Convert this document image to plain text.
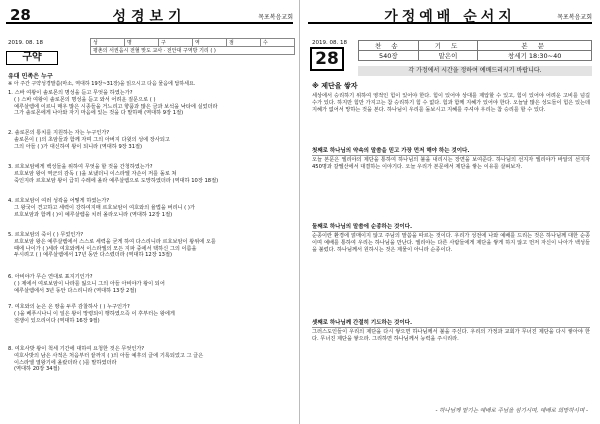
28	성경보기	목포복음교회
2019. 08. 18	성	명	구	역	점	수
평촌의 서권읍시 전혈 맞도 교사 · 전안대 구역방 기리 ( )
구약
유대 민족은 누구
※ 아 주간 구약성경말씀(마소, 역대하 19장~31장)을 읽으시고 다음 물음에 답하세요.
1. 스바 여왕이 솔로몬의 명성을 듣고 무엇을 하였는가?
( ) 스바 여왕이 솔로몬의 명성을 듣고 와서 어려운 질문으로 ( )
예루살렘에 이르니 매우 많은 시종들을 거느리고 향품과 많은 금과 보석을 낙타에 실었더라
그가 솔로몬에게 나아와 자기 마음에 있는 것을 다 말하매 (역대하 9장 1절)
2. 솔로몬의 통치를 지원하는 자는 누구인가?
솔로몬이 ( )의 초암들과 함께 자며 그의 아버지 다윗의 성에 장사되고
그의 아들 ( )가 대신하여 왕이 되니라 (역대하 9장 31절)
3. 르호보암에게 백성들을 위하여 무엇을 할 것을 간청하였는가?
르호보암 왕이 역군의 감독 ( )을 보냈더니 이스라엘 자손이 저를 돌로 쳐
죽인지라 르호보암 왕이 급히 수레에 올라 예루살렘으로 도망하였더라 (역대하 10장 18절)
4. 르호보암이 여러 성곽을 어떻게 하였는가?
그 왕국이 견고하고 세력이 강하여지매 르호보암이 여호와의 율법을 버리니 ( )가
르호보암과 함께 ( )이 예루살렘을 치러 올라오니라 (역대하 12장 1절)
5. 르호보암의 죽이 ( ) 무었인가?
르호보암 왕은 예루살렘에서 스스로 세력을 굳게 하여 다스리니라 르호보암이 왕위에 오를
때에 나이가 ( )세라 여호와께서 이스라엘의 모든 지파 중에서 택하신 그의 이름을
두시려고 ( ) 예루살렘에서 17년 동안 다스렸더라 (역대하 12장 13절)
6. 아비야가 무슨 연대로 표지기인가?
( ) 제에서 여로보암이 나라를 잃으니 그의 아들 아비야가 왕이 되어
예루살렘에서 3년 동안 다스리니라 (역대하 13장 2절)
7. 여호와의 눈은 온 땅을 두루 감찰하사 ( ) 누구인가?
( )을 베푸시나니 이 일은 왕이 망령되이 행하였으즉 이 후부터는 왕에게
전쟁이 있으리이다 (역대하 16장 9절)
8. 여호사밧 왕이 척세 기간에 대하여 요청한 것은 무엇인가?
여호사밧의 남은 사적은 처음부터 끝까지 ( )의 아들 예후의 글에 기록되었고 그 글은
이스라엘 열왕기에 올랐더라 ( )를 말하였더라
(역대하 20장 34절)
가정예배 순서지	목포복음교회
2019. 08. 18
28
찬 송	기 도	본 문
540장	맡은이	창세기 18:30~40
각 가정에서 시간을 정하여 예배드리시기 바랍니다.
※ 제단을 쌓자
세상에서 승리하기 위하여 영적인 힘이 있어야 한다. 힘이 있어야 상대를 제압할 수 있고, 힘이 있어야 어려운 고비를 넘길 수가 있다. 하지만 힘만 가지고는 참 승리하기 힘 수 없다. 힘과 함께 지혜가 있어야 한다. 오늘날 많은 성도들이 힘은 있는데 지혜가 없어서 망하는 것을 본다. 하나님이 우리를 돌보시고 지혜를 주셔야 우리는 참 승리를 할 수 있다.
첫째로 하나님의 약속의 말씀을 믿고 가장 먼저 해야 하는 것이다.
오늘 본문은 엘리야의 제단을 통하여 하나님의 불을 내리시는 장면을 보여준다. 하나님의 선지자 엘리야가 바알의 선지자 450명과 갈멜산에서 대결하는 이야기다. 오늘 우리가 본문에서 제단을 쌓는 이유를 살펴보자.
둘째로 하나님의 말씀에 순종하는 것이다.
순종이란 환경에 얽매이지 않고 주님의 말씀을 따르는 것이다. 우리가 성전에 나와 예배를 드리는 것은 하나님께 대한 순종이며 예배를 통하여 우리는 하나님을 만난다. 엘리야는 다른 사람들에게 제단을 쌓게 하지 않고 먼저 자신이 나아가 백성들을 불렀다. 하나님께서 원하시는 것은 제물이 아니라 순종이다.
셋째로 하나님께 간절히 기도하는 것이다.
그러스도인들이 우리의 제단을 다시 쌓으면 하나님께서 불을 주신다. 우리의 가정과 교회가 무너진 제단을 다시 쌓아야 한다. 무너진 제단을 쌓으라. 그리하면 하나님께서 능력을 주시리라.
- 하나님께 맡기는 예배로 주님을 섬기시며, 예배로 희망하시며 -
